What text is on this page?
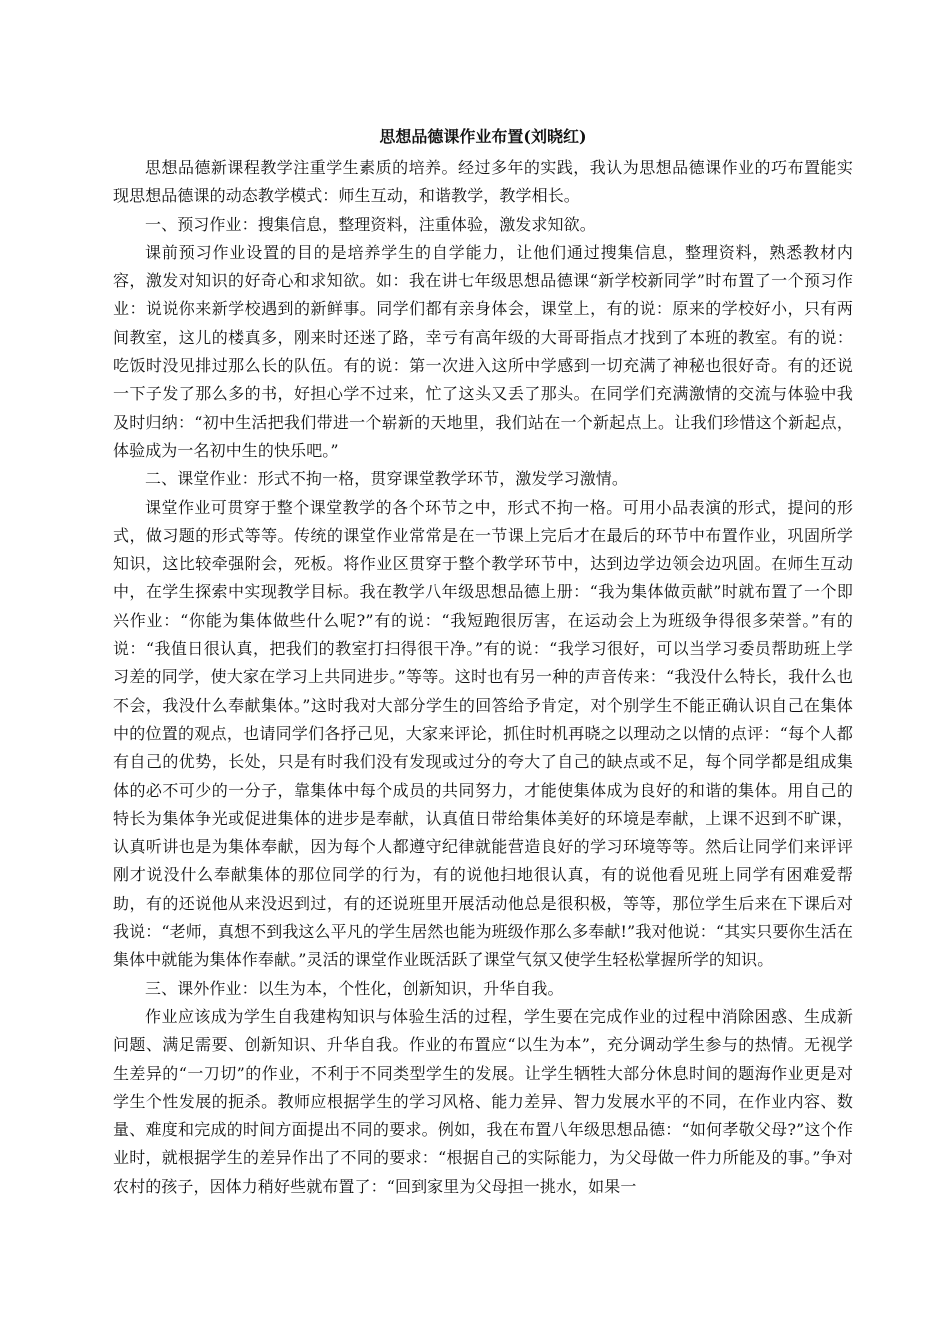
思想品德课作业布置(刘晓红)

思想品德新课程教学注重学生素质的培养。经过多年的实践，我认为思想品德课作业的巧布置能实现思想品德课的动态教学模式：师生互动，和谐教学，教学相长。

一、预习作业：搜集信息，整理资料，注重体验，激发求知欲。

课前预习作业设置的目的是培养学生的自学能力，让他们通过搜集信息，整理资料，熟悉教材内容，激发对知识的好奇心和求知欲。如：我在讲七年级思想品德课“新学校新同学”时布置了一个预习作业：说说你来新学校遇到的新鲜事。同学们都有亲身体会，课堂上，有的说：原来的学校好小，只有两间教室，这儿的楼真多，刚来时还迷了路，幸亏有高年级的大哥哥指点才找到了本班的教室。有的说：吃饭时没见排过那么长的队伍。有的说：第一次进入这所中学感到一切充满了神秘也很好奇。有的还说一下子发了那么多的书，好担心学不过来，忙了这头又丢了那头。在同学们充满激情的交流与体验中我及时归纳：“初中生活把我们带进一个崭新的天地里，我们站在一个新起点上。让我们珍惜这个新起点，体验成为一名初中生的快乐吧。”

二、课堂作业：形式不拘一格，贯穿课堂教学环节，激发学习激情。

课堂作业可贯穿于整个课堂教学的各个环节之中，形式不拘一格。可用小品表演的形式，提问的形式，做习题的形式等等。传统的课堂作业常常是在一节课上完后才在最后的环节中布置作业，巩固所学知识，这比较牵强附会，死板。将作业区贯穿于整个教学环节中，达到边学边领会边巩固。在师生互动中，在学生探索中实现教学目标。我在教学八年级思想品德上册：“我为集体做贡献”时就布置了一个即兴作业：“你能为集体做些什么呢?”有的说：“我短跑很厉害，在运动会上为班级争得很多荣誉。”有的说：“我值日很认真，把我们的教室打扫得很干净。”有的说：“我学习很好，可以当学习委员帮助班上学习差的同学，使大家在学习上共同进步。”等等。这时也有另一种的声音传来：“我没什么特长，我什么也不会，我没什么奉献集体。”这时我对大部分学生的回答给予肯定，对个别学生不能正确认识自己在集体中的位置的观点，也请同学们各抒己见，大家来评论，抓住时机再晓之以理动之以情的点评：“每个人都有自己的优势，长处，只是有时我们没有发现或过分的夸大了自己的缺点或不足，每个同学都是组成集体的必不可少的一分子，靠集体中每个成员的共同努力，才能使集体成为良好的和谐的集体。用自己的特长为集体争光或促进集体的进步是奉献，认真值日带给集体美好的环境是奉献，上课不迟到不旷课，认真听讲也是为集体奉献，因为每个人都遵守纪律就能营造良好的学习环境等等。然后让同学们来评评刚才说没什么奉献集体的那位同学的行为，有的说他扫地很认真，有的说他看见班上同学有困难爱帮助，有的还说他从来没迟到过，有的还说班里开展活动他总是很积极，等等，那位学生后来在下课后对我说：“老师，真想不到我这么平凡的学生居然也能为班级作那么多奉献!”我对他说：“其实只要你生活在集体中就能为集体作奉献。”灵活的课堂作业既活跃了课堂气氛又使学生轻松掌握所学的知识。

三、课外作业：以生为本，个性化，创新知识，升华自我。

作业应该成为学生自我建构知识与体验生活的过程，学生要在完成作业的过程中消除困惑、生成新问题、满足需要、创新知识、升华自我。作业的布置应“以生为本”，充分调动学生参与的热情。无视学生差异的“一刀切”的作业，不利于不同类型学生的发展。让学生牺牲大部分休息时间的题海作业更是对学生个性发展的扼杀。教师应根据学生的学习风格、能力差异、智力发展水平的不同，在作业内容、数量、难度和完成的时间方面提出不同的要求。例如，我在布置八年级思想品德：“如何孝敬父母?”这个作业时，就根据学生的差异作出了不同的要求：“根据自己的实际能力，为父母做一件力所能及的事。”争对农村的孩子，因体力稍好些就布置了：“回到家里为父母担一挑水，如果一
